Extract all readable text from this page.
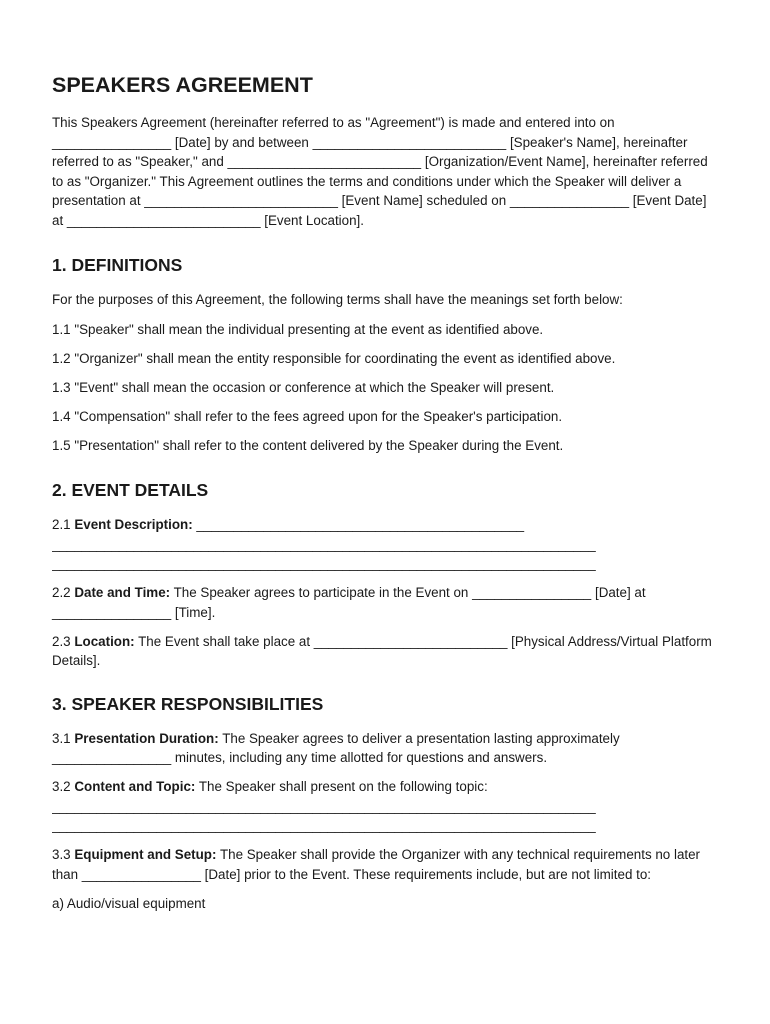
SPEAKERS AGREEMENT

This Speakers Agreement (hereinafter referred to as "Agreement") is made and entered into on ________________ [Date] by and between __________________________ [Speaker's Name], hereinafter referred to as "Speaker," and __________________________ [Organization/Event Name], hereinafter referred to as "Organizer." This Agreement outlines the terms and conditions under which the Speaker will deliver a presentation at __________________________ [Event Name] scheduled on ________________ [Event Date] at __________________________ [Event Location].

1. DEFINITIONS

For the purposes of this Agreement, the following terms shall have the meanings set forth below:

1.1 "Speaker" shall mean the individual presenting at the event as identified above.

1.2 "Organizer" shall mean the entity responsible for coordinating the event as identified above.

1.3 "Event" shall mean the occasion or conference at which the Speaker will present.

1.4 "Compensation" shall refer to the fees agreed upon for the Speaker's participation.

1.5 "Presentation" shall refer to the content delivered by the Speaker during the Event.

2. EVENT DETAILS

2.1 Event Description: ____________________________________________

_________________________________________________________________________
_________________________________________________________________________

2.2 Date and Time: The Speaker agrees to participate in the Event on ________________ [Date] at ________________ [Time].

2.3 Location: The Event shall take place at __________________________ [Physical Address/Virtual Platform Details].

3. SPEAKER RESPONSIBILITIES

3.1 Presentation Duration: The Speaker agrees to deliver a presentation lasting approximately ________________ minutes, including any time allotted for questions and answers.

3.2 Content and Topic: The Speaker shall present on the following topic:

_________________________________________________________________________
_________________________________________________________________________

3.3 Equipment and Setup: The Speaker shall provide the Organizer with any technical requirements no later than ________________ [Date] prior to the Event. These requirements include, but are not limited to:

a) Audio/visual equipment
